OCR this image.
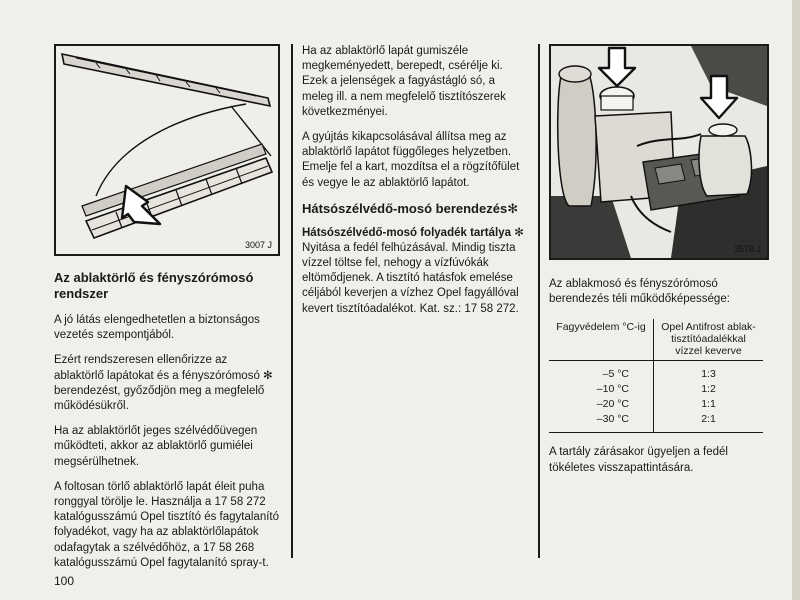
3007 J
Az ablaktörlő és fényszórómosó rendszer

A jó látás elengedhetetlen a biztonságos vezetés szempontjából.

Ezért rendszeresen ellenőrizze az ablaktörlő lapátokat és a fényszórómosó ✻ berendezést, győződjön meg a megfelelő működésükről.

Ha az ablaktörlőt jeges szélvédőüvegen működteti, akkor az ablaktörlő gumiélei megsérülhetnek.

A foltosan törlő ablaktörlő lapát éleit puha ronggyal törölje le. Használja a 17 58 272 katalógusszámú Opel tisztító és fagytalanító folyadékot, vagy ha az ablaktörlőlapátok odafagytak a szélvédőhöz, a 17 58 268 katalógusszámú Opel fagytalanító spray-t.

Ha az ablaktörlő lapát gumiszéle megkeményedett, berepedt, csérélje ki. Ezek a jelenségek a fagyástágló só, a meleg ill. a nem megfelelő tisztítószerek következményei.

A gyújtás kikapcsolásával állítsa meg az ablaktörlő lapátot függőleges helyzetben. Emelje fel a kart, mozdítsa el a rögzítőfület és vegye le az ablaktörlő lapátot.

Hátsószélvédő-mosó berendezés✻
Hátsószélvédő-mosó folyadék tartálya ✻

Nyitása a fedél felhúzásával. Mindig tiszta vízzel töltse fel, nehogy a vízfúvókák eltömődjenek. A tisztító hatásfok emelése céljából keverjen a vízhez Opel fagyállóval kevert tisztítóadalékot. Kat. sz.: 17 58 272.

3578 J

Az ablakmosó és fényszórómosó berendezés téli működőképessége:

Fagyvédelem °C-ig	Opel Antifrost ablak-tisztítóadalékkal vízzel keverve

–5 °C	1:3
–10 °C	1:2
–20 °C	1:1
–30 °C	2:1

A tartály zárásakor ügyeljen a fedél tökéletes visszapattintására.

100
